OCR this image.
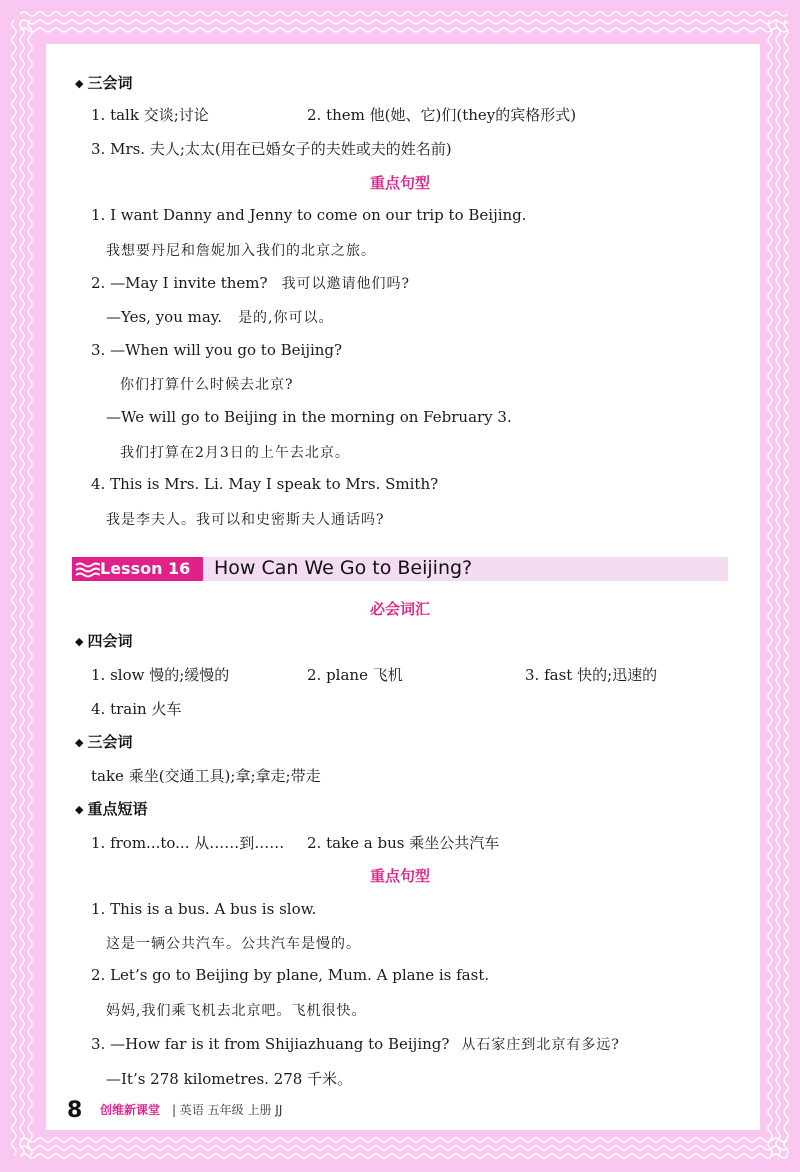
◆ 三会词
1. talk 交谈;讨论	2. them 他(她、它)们(they的宾格形式)
3. Mrs. 夫人;太太(用在已婚女子的夫姓或夫的姓名前)
重点句型
1. I want Danny and Jenny to come on our trip to Beijing.
我想要丹尼和詹妮加入我们的北京之旅。
2. —May I invite them? 我可以邀请他们吗?
—Yes, you may. 是的,你可以。
3. —When will you go to Beijing?
你们打算什么时候去北京?
—We will go to Beijing in the morning on February 3.
我们打算在2月3日的上午去北京。
4. This is Mrs. Li. May I speak to Mrs. Smith?
我是李夫人。我可以和史密斯夫人通话吗?
Lesson 16 How Can We Go to Beijing?
必会词汇
◆ 四会词
1. slow 慢的;缓慢的	2. plane 飞机	3. fast 快的;迅速的
4. train 火车
◆ 三会词
take 乘坐(交通工具);拿;拿走;带走
◆ 重点短语
1. from...to... 从……到…… 2. take a bus 乘坐公共汽车
重点句型
1. This is a bus. A bus is slow.
这是一辆公共汽车。公共汽车是慢的。
2. Let’s go to Beijing by plane, Mum. A plane is fast.
妈妈,我们乘飞机去北京吧。飞机很快。
3. —How far is it from Shijiazhuang to Beijing? 从石家庄到北京有多远?
—It’s 278 kilometres. 278 千米。
8 创维新课堂 | 英语 五年级 上册 JJ
